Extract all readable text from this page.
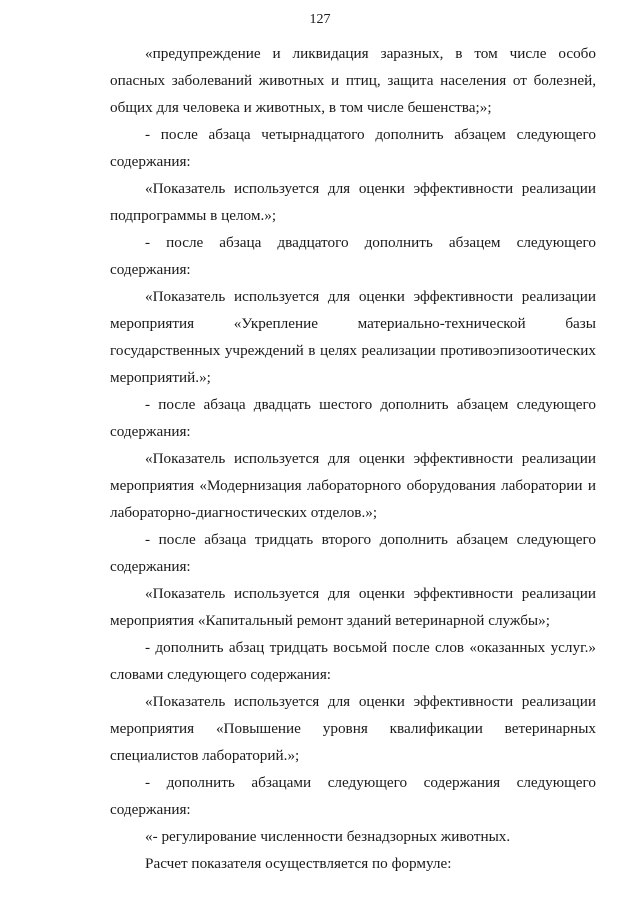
127

«предупреждение и ликвидация заразных, в том числе особо опасных заболеваний животных и птиц, защита населения от болезней, общих для человека и животных, в том числе бешенства;»;

- после абзаца четырнадцатого дополнить абзацем следующего содержания:

«Показатель используется для оценки эффективности реализации подпрограммы в целом.»;

- после абзаца двадцатого дополнить абзацем следующего содержания:

«Показатель используется для оценки эффективности реализации мероприятия «Укрепление материально-технической базы государственных учреждений в целях реализации противоэпизоотических мероприятий.»;

- после абзаца двадцать шестого дополнить абзацем следующего содержания:

«Показатель используется для оценки эффективности реализации мероприятия «Модернизация лабораторного оборудования лаборатории и лабораторно-диагностических отделов.»;

- после абзаца тридцать второго дополнить абзацем следующего содержания:

«Показатель используется для оценки эффективности реализации мероприятия «Капитальный ремонт зданий ветеринарной службы»;

- дополнить абзац тридцать восьмой после слов «оказанных услуг.» словами следующего содержания:

«Показатель используется для оценки эффективности реализации мероприятия «Повышение уровня квалификации ветеринарных специалистов лабораторий.»;

- дополнить абзацами следующего содержания следующего содержания:

«- регулирование численности безнадзорных животных.

Расчет показателя осуществляется по формуле:
